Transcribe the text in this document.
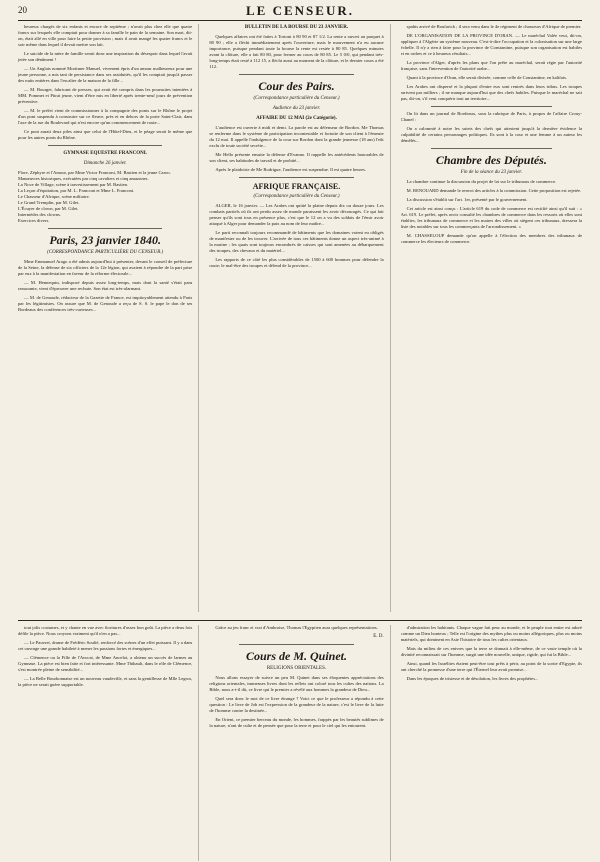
20	LE CENSEUR.

heureux chargés de six enfants et encore de septième ; n'avait plus chez elle que quatre francs sur lesquels elle comptait pour donner à sa famille le pain de la semaine. Son mari, dit-on, était allé en ville pour faire la petite provision ; mais il avait mangé les quatre francs et le soir même dans lequel il devait mettre son lait.

Le suicide de la mère de famille serait donc une inspiration du désespoir dans lequel l'avait jetée son dénûment !

— Un Anglais nommé Mortimer Manuel, vivement épris d'un amour malheureux pour une jeune personne, a mis tant de persistance dans ses assiduités, qu'il les comptait jusqu'à passer des nuits entières dans l'escalier de la maison de la fille...

— M. Bourget, fabricant de presses, qui avait été compris dans les poursuites intentées à MM. Pommet et Pitrat jeune, vient d'être mis en liberté après trente-neuf jours de prévention préventive.

— M. le préfet vient de commissionner à la compagnie des ponts sur le Rhône le projet d'un pont suspendu à construire sur ce fleuve, près et en dehors de la porte Saint-Clair, dans l'axe de la rue du Boulevard qui n'est encore qu'un commencement de route...

Ce pont aurait deux piles ainsi que celui de l'Hôtel-Dieu, et le péage serait le même que pour les autres ponts du Rhône.

GYMNASE EQUESTRE FRANCONI.
Dimanche 26 janvier.
Flore, Zéphyre et l'Amour, par Mme Victor Franconi, M. Bastien et la jeune Caroo.
Manœuvres historiques, exécutées par cinq cavaliers et cinq amazones.
La Noce de Village, scène à travestissement par M. Bastien.
La Leçon d'équitation, par M. L. Franconi et Mme L. Franconi.
Le Chasseur d'Afrique, scène militaire.
Le Grand Tremplin, par M. Gilet.
L'Écuyer de clown, par M. Gilet.
Intermèdes des clowns.
Exercices divers.
Paris, 23 janvier 1840.
(CORRESPONDANCE PARTICULIÈRE DU CENSEUR.)

Mme Emmanuel Arago a été admis aujourd'hui à présenter, devant le conseil de préfecture de la Seine, la défense de six officiers de la 12e légion, qui avaient à répondre de la part prise par eux à la manifestation en faveur de la réforme électorale...

— M. Hennequin, indisposé depuis assez long-temps, mais dont la santé s'était paru rassurante, vient d'éprouver une rechute. Son état est très-alarmant.

— M. de Genoude, rédacteur de la Gazette de France, est impitoyablement attendu à Paris par les légitimistes. On assure que M. de Genoude a reçu de S. S. le pape le don de ses Bordeaux des conférences très-curieuses...

BULLETIN DE LA BOURSE DU 23 JANVIER.

Quelques affaires ont été faites à Tortoni à 80 90 et 87 1/2. La rente a ouvert au parquet à 80 90 ; elle a fléchi immédiatement après l'ouverture, mais le mouvement n'a eu aucune importance, puisque pendant toute la bourse la rente est restée à 80 85. Quelques minutes avant la clôture, elle a fait 80 80, pour fermer au cours de 80 85. Le 5 0/0, qui pendant très-long-temps était resté à 112 15, a fléchi aussi au moment de la clôture, et le dernier cours a été 112.

Cour des Pairs.
(Correspondance particulière du Censeur.)
Audience du 23 janvier.
AFFAIRE DU 12 MAI (2e Catégorie).

L'audience est ouverte à midi et demi. La parole est au défenseur de Bordon. Me Thomas se renferme dans le système de participation incontestable et fortuite de son client à l'émeute du 12 mai. Il appelle l'indulgence de la cour sur Bordon dont la grande jeunesse (18 ans) l'eût exclu de toute société secrète...

Me Hello présente ensuite la défense d'Evanno. Il rappelle les antécédents honorables de son client, ses habitudes de travail et de probité...

Après le plaidoirie de Me Rodrigue, l'audience est suspendue. Il est quatre heures.

AFRIQUE FRANÇAISE.
(Correspondance particulière du Censeur.)

ALGER, le 16 janvier. — Les Arabes ont quitté la plaine depuis dix ou douze jours. Les combats partiels où ils ont perdu assez de monde paraissent les avoir découragés. Ce qui fait penser qu'ils sont tous en présence plus, c'est que le 12 on a vu des soldats de l'émir avoir attaqué à Alger pour demander la paix au nom de leur maître...

Le parti reconnaît toujours recommandé de bâtiments que les domaines voient eu obligés de manifester ou de les trouver. L'arrivée de tous ces bâtiments donne un aspect très-animé à la marine ; les quais sont toujours encombrés de caisses qui sont amenées au débarquement des troupes, des chevaux et du matériel...

Les rapports de ce côté les plus considérables de 1500 à 600 hommes pour défendre la route; le mal-être des troupes et défend de la province...

spahis arrivé de Boufarick ; il sera venu dans le 4e régiment de chasseurs d'Afrique de premier.

DE L'ORGANISATION DE LA PROVINCE D'ORAN. — Le maréchal Valée veut, dit-on, appliquer à l'Algérie un système nouveau. C'est-à-dire l'occupation et la colonisation sur une large échelle. Il n'y a rien à faire pour la province de Constantine, puisque son organisation est habiles et en ordres et ce à heureux résultats...

La province d'Alger, d'après les plans que l'on prête au maréchal, serait régie par l'autorité française, sans l'intervention de l'autorité arabe...

Quant à la province d'Oran, elle serait divisée, comme celle de Constantine, en kalifats.

Les Arabes ont dispersé et la plupart d'entre eux sont rentrés dans leurs tribus. Les troupes arrivent par milliers ; il ne manque aujourd'hui que des chefs habiles. Puisque le maréchal ne sait pas, dit-on, s'il veut conquérir tout un territoire...

On lit dans un journal de Bordeaux, sous la rubrique de Paris, à propos de l'affaire Crouy-Chanel :

On a calomnié à notre les suiets des chefs qui attestent jusqu'à la dernière évidence la culpabilité de certains personnages politiques. Ils sont à la cour et une femme à un auteur les démêlés...

Chambre des Députés.
Fin de la séance du 23 janvier.

La chambre continue la discussion du projet de loi sur le tribunaux de commerce.

M. RENOUARD demande le renvoi des articles à la commission. Cette proposition est rejetée.

La discussion s'établit sur l'art. 1er, présenté par le gouvernement.

Cet article est ainsi conçu : L'article 619 du code de commerce est rectifié ainsi qu'il suit : « Art. 619. Le préfet, après avoir consulté les chambres de commerce dans les ressorts où elles sont établies, les tribunaux de commerce et les maires des villes où siègent ces tribunaux, dressera la liste des notables sur tous les commerçants de l'arrondissement. »

M. CHASSELOUP demande qu'on appelle à l'élection des membres des tribunaux de commerce les électeurs de commerce.

tout jolis costumes, et y chante en vue avec fioritures d'assez bon goût. La pièce a deux fois défile la pièce. Nous croyons vraiment qu'il n'en a pas...

— Le Pauvret, drame de Frédéric Soulié, renforcé des scènes d'un effet puissant. Il y a dans cet ouvrage une grande habileté à mener les passions fortes et énergiques...

— Clémence ou la Fille de l'Avocat, de Mme Ancelot, a obtenu un succès de larmes au Gymnase. La pièce est bien faite et fort intéressante. Mme Thibault, dans le rôle de Clémence, s'est montrée pleine de sensibilité...

— La Belle Bourbonnaise est un nouveau vaudeville, et sans la gentillesse de Mlle Legros, la pièce ne serait guère supportable.

Grâce au jeu franc et vrai d'Ambroise, Thomas l'Egyptien aura quelques représentations.

E. D.
Cours de M. Quinet.
RELIGIONS ORIENTALES.

Nous allons essayer de suivre un peu M. Quinet dans ses éloquentes appréciations des religions orientales, immenses livres dont les reflets ont coloré tous les cultes des nations. La Bible, nous a-t-il dit, ce livre qui le premier a révélé aux hommes la grandeur de Dieu...

Quel sera donc le mot de ce livre étrange ? Voici ce que le professeur a répondu à cette question : Le livre de Job est l'expression de la grandeur de la nature, c'est le livre de la lutte de l'homme contre la destinée...

En Orient, ce premier berceau du monde, les hommes, frappés par les beautés sublimes de la nature, n'ont de culte et de pensée que pour la terre et pour le ciel qui les entourent.

d'admiration les habitants. Chaque vague fait peur au monde, et le peuple tout entier est adoré comme un Dieu honteux ; Telle est l'origine des mythes plus ou moins allégoriques, plus ou moins matériels, qui dominent en Asie l'histoire de tous les cultes orientaux.

Mais du milieu de ces enivres que la terre se donnait à elle-même, de ce vaste temple où la divinité reconnaissait sur l'homme, surgit une idée nouvelle, unique, rigide, qui fut la Bible...

Ainsi, quand les Israélites étaient peut-être tout prêts à périr, au point de la sortie d'Egypte, ils ont cherché la promesse d'une terre qui l'Éternel leur avait promise...

Dans les époques de tristesse et de désolation, les livres des prophètes...
